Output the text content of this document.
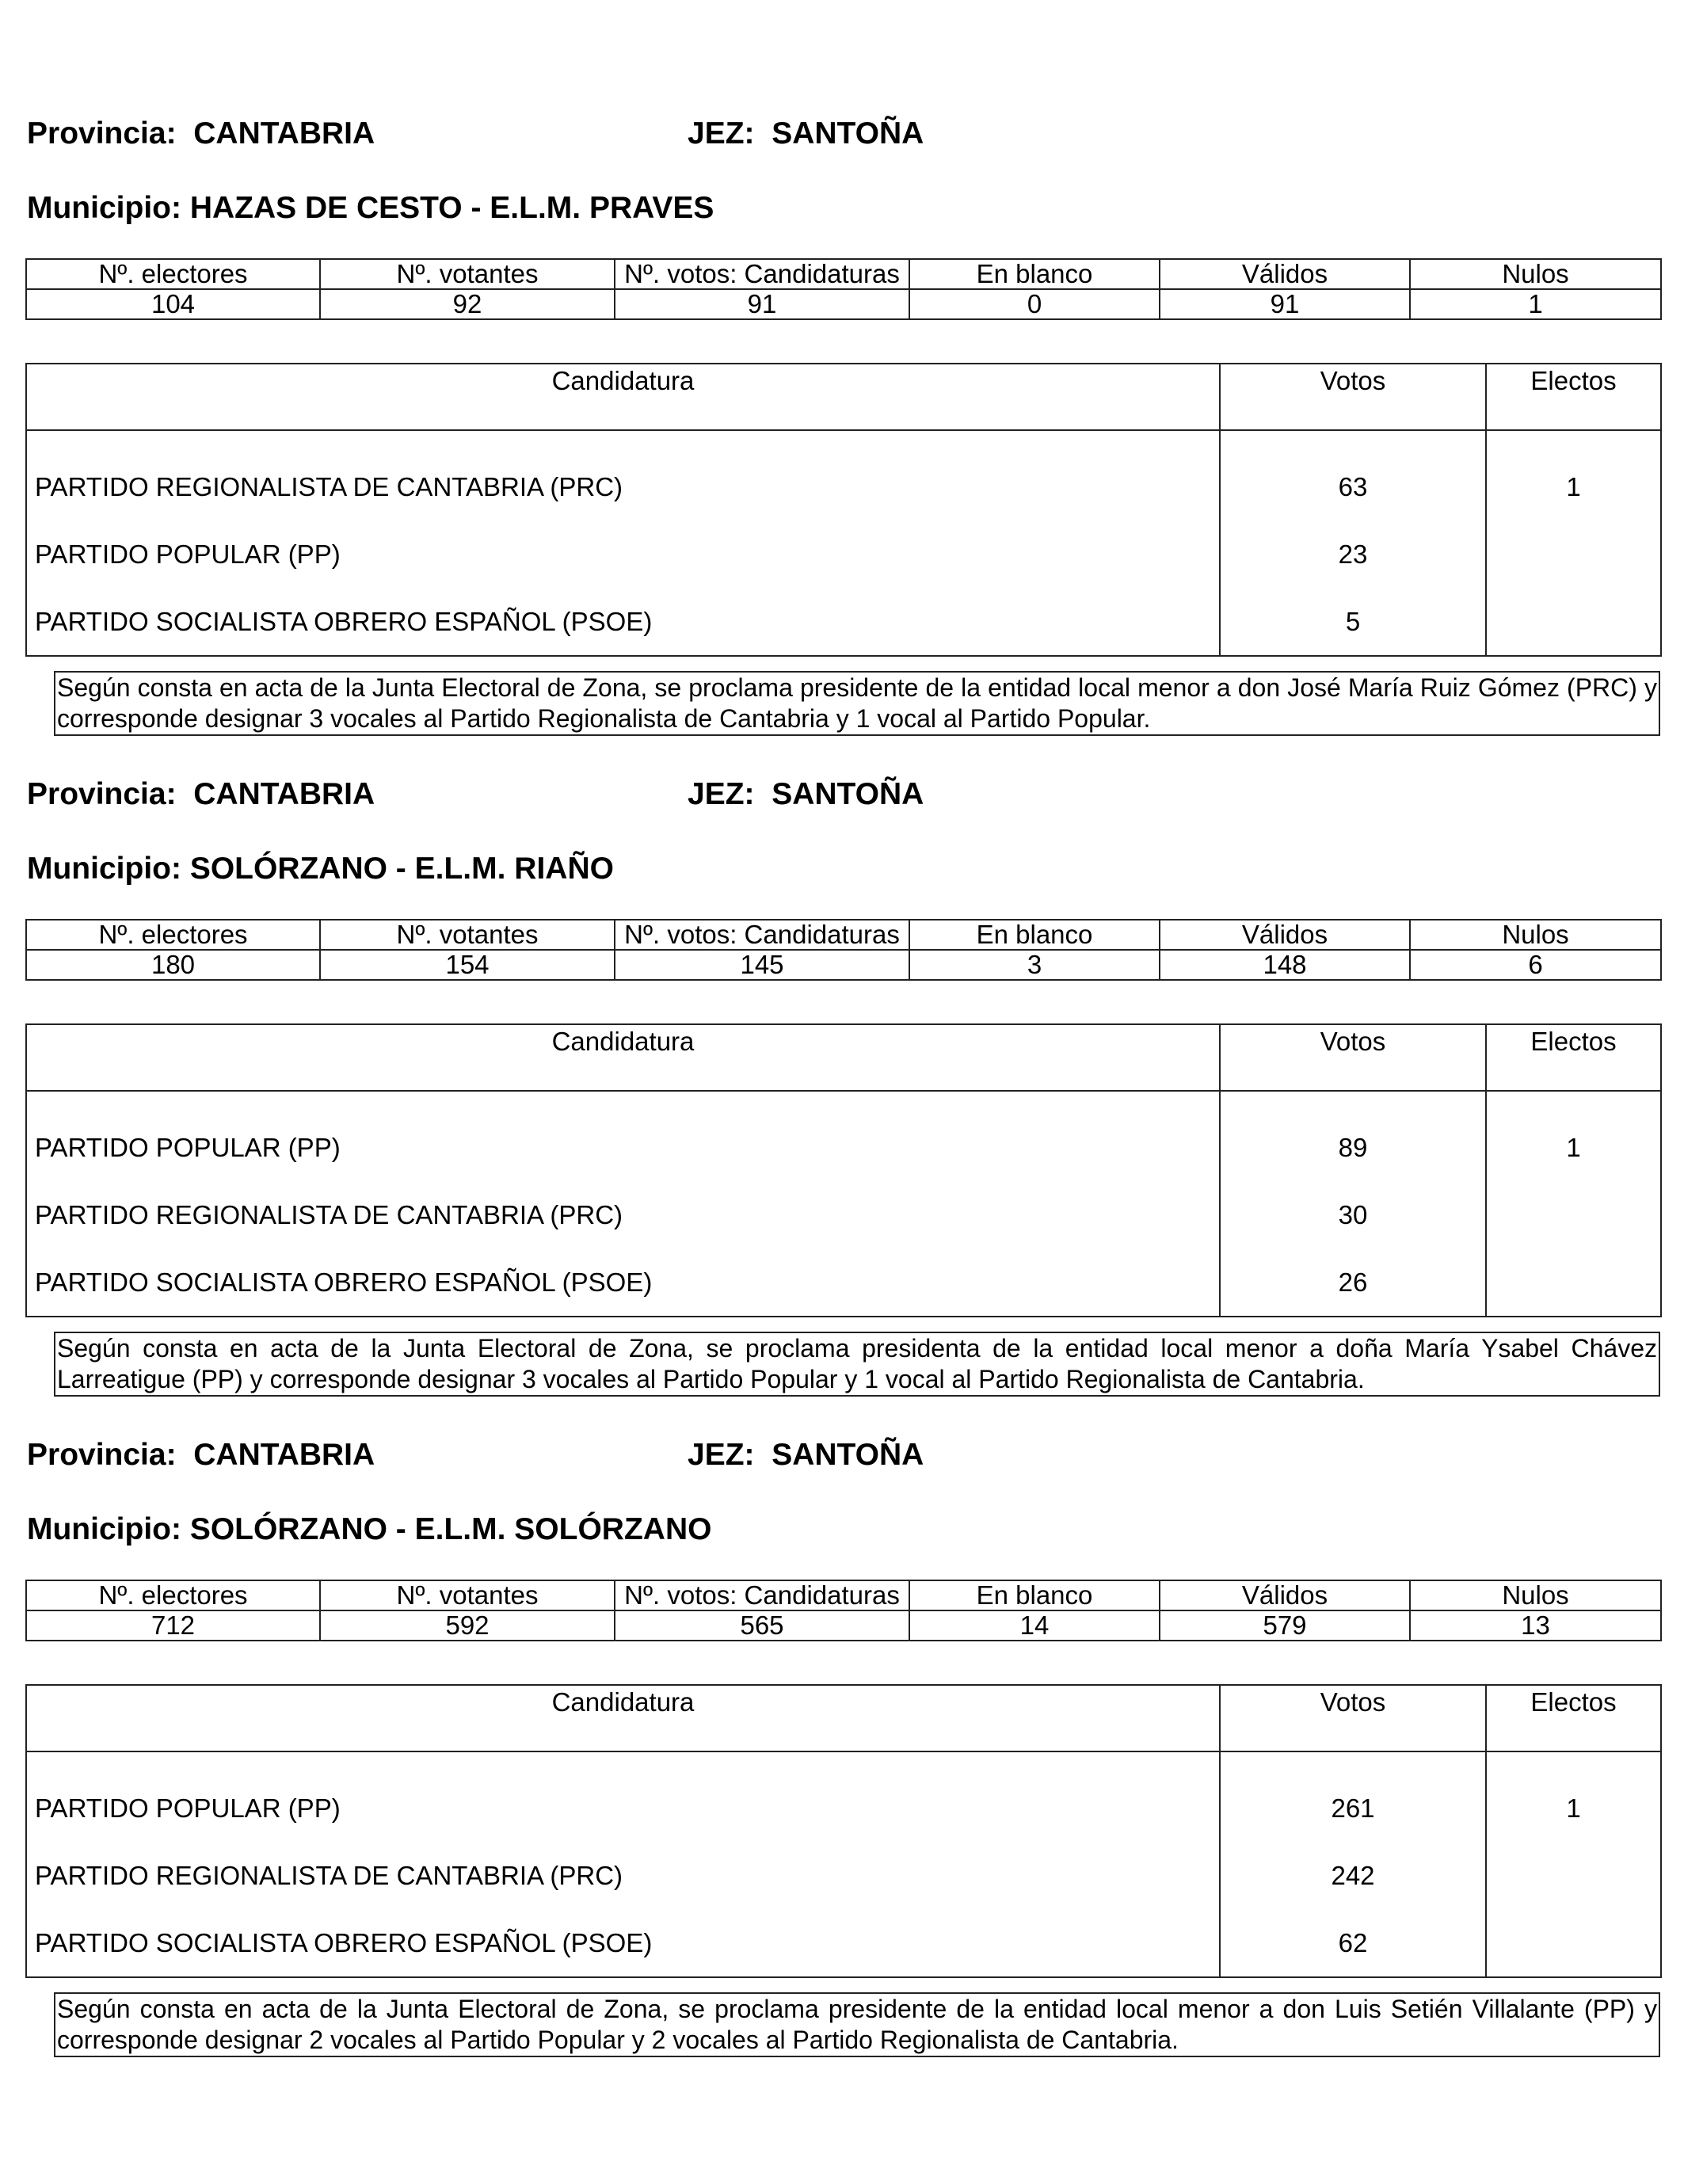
Provincia: CANTABRIA	JEZ: SANTOÑA
Municipio: HAZAS DE CESTO - E.L.M. PRAVES
Nº. electores	Nº. votantes	Nº. votos: Candidaturas	En blanco	Válidos	Nulos
104	92	91	0	91	1
Candidatura	Votos	Electos
PARTIDO REGIONALISTA DE CANTABRIA (PRC)	63	1
PARTIDO POPULAR (PP)	23	
PARTIDO SOCIALISTA OBRERO ESPAÑOL (PSOE)	5	
Según consta en acta de la Junta Electoral de Zona, se proclama presidente de la entidad local menor a don José María Ruiz Gómez (PRC) y corresponde designar 3 vocales al Partido Regionalista de Cantabria y 1 vocal al Partido Popular.
Provincia: CANTABRIA	JEZ: SANTOÑA
Municipio: SOLÓRZANO - E.L.M. RIAÑO
Nº. electores	Nº. votantes	Nº. votos: Candidaturas	En blanco	Válidos	Nulos
180	154	145	3	148	6
Candidatura	Votos	Electos
PARTIDO POPULAR (PP)	89	1
PARTIDO REGIONALISTA DE CANTABRIA (PRC)	30	
PARTIDO SOCIALISTA OBRERO ESPAÑOL (PSOE)	26	
Según consta en acta de la Junta Electoral de Zona, se proclama presidenta de la entidad local menor a doña María Ysabel Chávez Larreatigue (PP) y corresponde designar 3 vocales al Partido Popular y 1 vocal al Partido Regionalista de Cantabria.
Provincia: CANTABRIA	JEZ: SANTOÑA
Municipio: SOLÓRZANO - E.L.M. SOLÓRZANO
Nº. electores	Nº. votantes	Nº. votos: Candidaturas	En blanco	Válidos	Nulos
712	592	565	14	579	13
Candidatura	Votos	Electos
PARTIDO POPULAR (PP)	261	1
PARTIDO REGIONALISTA DE CANTABRIA (PRC)	242	
PARTIDO SOCIALISTA OBRERO ESPAÑOL (PSOE)	62	
Según consta en acta de la Junta Electoral de Zona, se proclama presidente de la entidad local menor a don Luis Setién Villalante (PP) y corresponde designar 2 vocales al Partido Popular y 2 vocales al Partido Regionalista de Cantabria.
